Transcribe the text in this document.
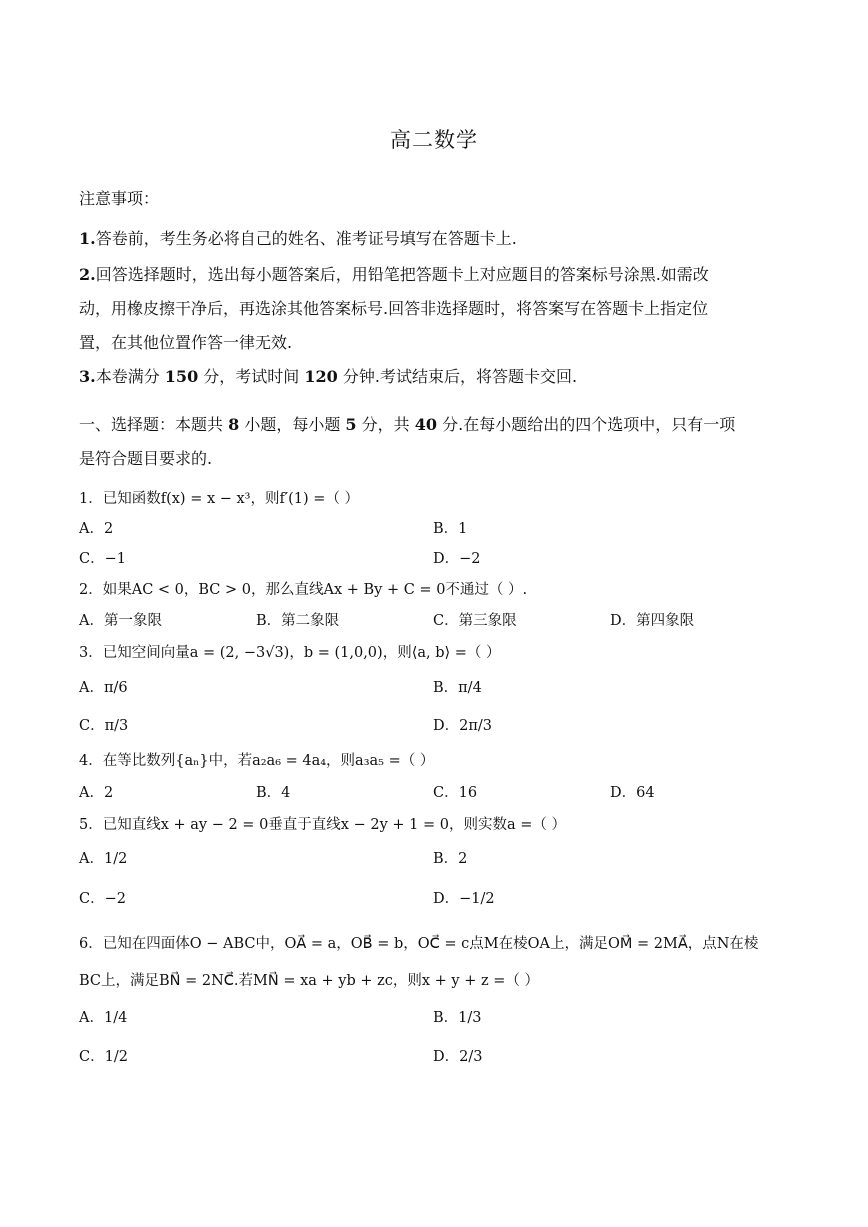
高二数学
注意事项：
1.答卷前，考生务必将自己的姓名、准考证号填写在答题卡上.
2.回答选择题时，选出每小题答案后，用铅笔把答题卡上对应题目的答案标号涂黑.如需改
动，用橡皮擦干净后，再选涂其他答案标号.回答非选择题时，将答案写在答题卡上指定位
置，在其他位置作答一律无效.
3.本卷满分 150 分，考试时间 120 分钟.考试结束后，将答题卡交回.
一、选择题：本题共 8 小题，每小题 5 分，共 40 分.在每小题给出的四个选项中，只有一项
是符合题目要求的.
1．已知函数f(x) = x − x³，则f′(1) =（ ）
A．2	B．1
C．−1	D．−2
2．如果AC < 0，BC > 0，那么直线Ax + By + C = 0不通过（ ）.
A．第一象限	B．第二象限	C．第三象限	D．第四象限
3．已知空间向量a = (2, −3√3)，b = (1,0,0)，则⟨a, b⟩ =（ ）
A．π/6	B．π/4
C．π/3	D．2π/3
4．在等比数列{aₙ}中，若a₂a₆ = 4a₄，则a₃a₅ =（ ）
A．2	B．4	C．16	D．64
5．已知直线x + ay − 2 = 0垂直于直线x − 2y + 1 = 0，则实数a =（ ）
A．1/2	B．2
C．−2	D．−1/2
6．已知在四面体O − ABC中，OA⃗ = a，OB⃗ = b，OC⃗ = c点M在棱OA上，满足OM⃗ = 2MA⃗，点N在棱
BC上，满足BN⃗ = 2NC⃗.若MN⃗ = xa + yb + zc，则x + y + z =（ ）
A．1/4	B．1/3
C．1/2	D．2/3
